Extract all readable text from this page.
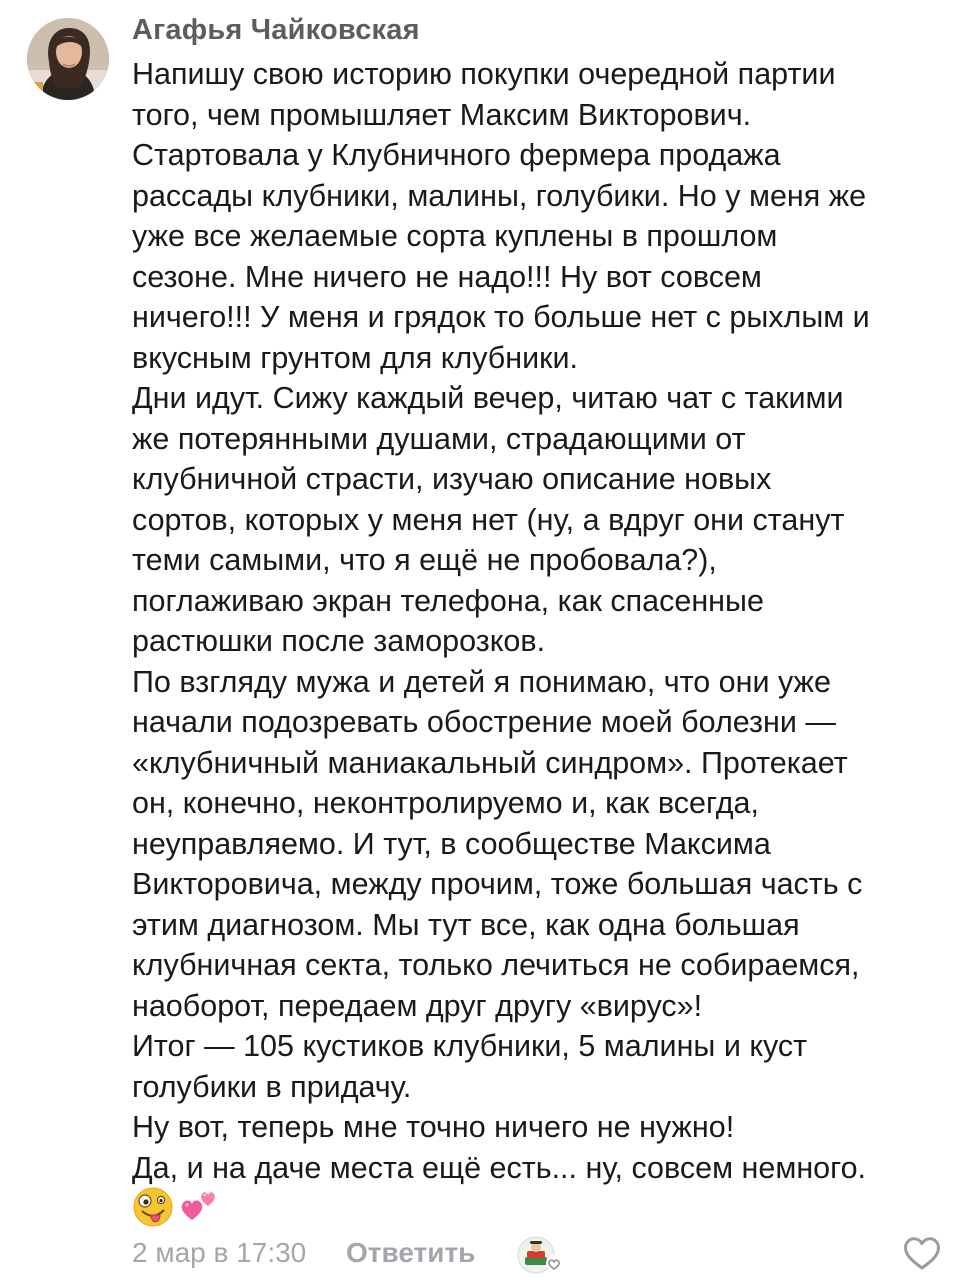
Агафья Чайковская
Напишу свою историю покупки очередной партии
того, чем промышляет Максим Викторович.
Стартовала у Клубничного фермера продажа
рассады клубники, малины, голубики. Но у меня же
уже все желаемые сорта куплены в прошлом
сезоне. Мне ничего не надо!!! Ну вот совсем
ничего!!! У меня и грядок то больше нет с рыхлым и
вкусным грунтом для клубники.
Дни идут. Сижу каждый вечер, читаю чат с такими
же потерянными душами, страдающими от
клубничной страсти, изучаю описание новых
сортов, которых у меня нет (ну, а вдруг они станут
теми самыми, что я ещё не пробовала?),
поглаживаю экран телефона, как спасенные
растюшки после заморозков.
По взгляду мужа и детей я понимаю, что они уже
начали подозревать обострение моей болезни —
«клубничный маниакальный синдром». Протекает
он, конечно, неконтролируемо и, как всегда,
неуправляемо. И тут, в сообществе Максима
Викторовича, между прочим, тоже большая часть с
этим диагнозом. Мы тут все, как одна большая
клубничная секта, только лечиться не собираемся,
наоборот, передаем друг другу «вирус»!
Итог — 105 кустиков клубники, 5 малины и куст
голубики в придачу.
Ну вот, теперь мне точно ничего не нужно!
Да, и на даче места ещё есть... ну, совсем немного.
2 мар в 17:30 Ответить
